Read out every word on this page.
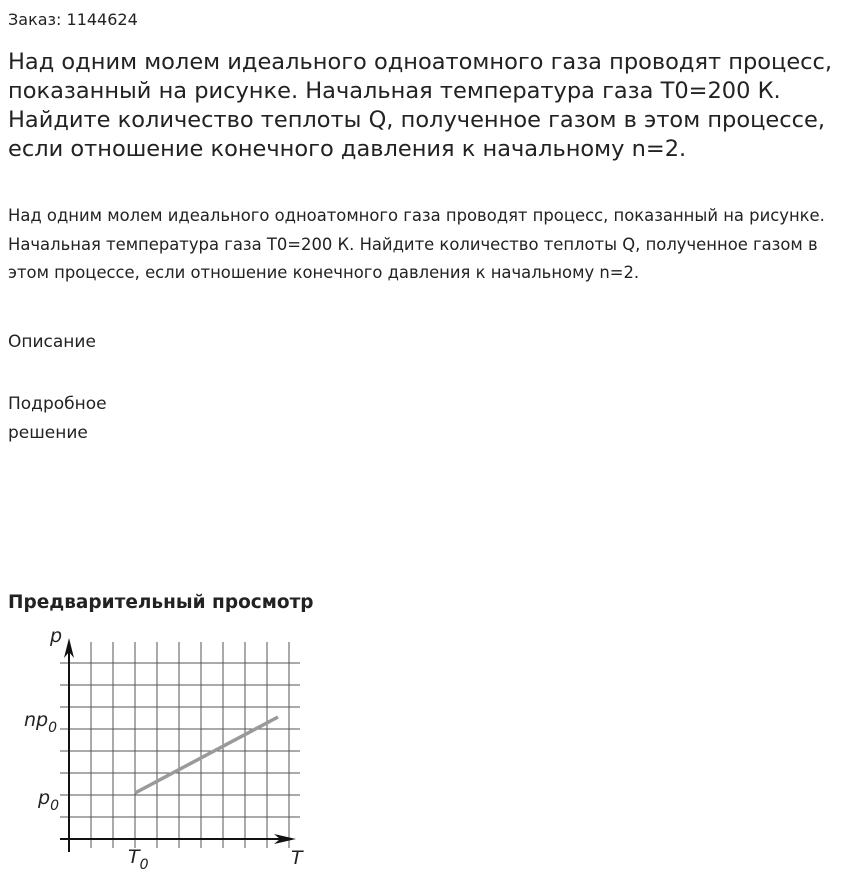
Заказ: 1144624
Над одним молем идеального одноатомного газа проводят процесс, показанный на рисунке. Начальная температура газа T0=200 К. Найдите количество теплоты Q, полученное газом в этом процессе, если отношение конечного давления к начальному n=2.

Над одним молем идеального одноатомного газа проводят процесс, показанный на рисунке. Начальная температура газа T0=200 К. Найдите количество теплоты Q, полученное газом в этом процессе, если отношение конечного давления к начальному n=2.

Описание
Подробное решение
Предварительный просмотр
p
T
$np_0$
$p_0$
$T_0$
